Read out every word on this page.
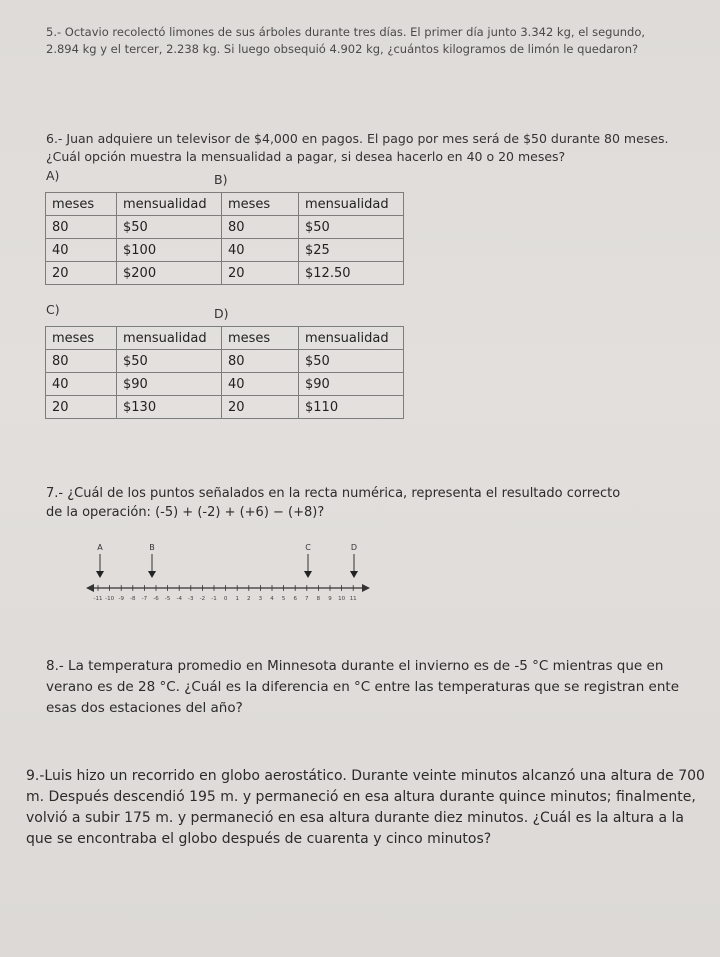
5.- Octavio recolectó limones de sus árboles durante tres días. El primer día junto 3.342 kg, el segundo, 2.894 kg y el tercer, 2.238 kg. Si luego obsequió 4.902 kg, ¿cuántos kilogramos de limón le quedaron?
6.- Juan adquiere un televisor de $4,000 en pagos. El pago por mes será de $50 durante 80 meses. ¿Cuál opción muestra la mensualidad a pagar, si desea hacerlo en 40 o 20 meses?
A)	B)
meses	mensualidad	meses	mensualidad
80	$50	80	$50
40	$100	40	$25
20	$200	20	$12.50
C)	D)
meses	mensualidad	meses	mensualidad
80	$50	80	$50
40	$90	40	$90
20	$130	20	$110
7.- ¿Cuál de los puntos señalados en la recta numérica, representa el resultado correcto
de la operación: (-5) + (-2) + (+6) − (+8)?
-11 -10 -9 -8 -7 -6 -5 -4 -3 -2 -1 0 1 2 3 4 5 6 7 8 9 10 11
A	B	C	D
8.- La temperatura promedio en Minnesota durante el invierno es de -5 °C mientras que en verano es de 28 °C. ¿Cuál es la diferencia en °C entre las temperaturas que se registran ente esas dos estaciones del año?
9.-Luis hizo un recorrido en globo aerostático. Durante veinte minutos alcanzó una altura de 700 m. Después descendió 195 m. y permaneció en esa altura durante quince minutos; finalmente, volvió a subir 175 m. y permaneció en esa altura durante diez minutos. ¿Cuál es la altura a la que se encontraba el globo después de cuarenta y cinco minutos?
